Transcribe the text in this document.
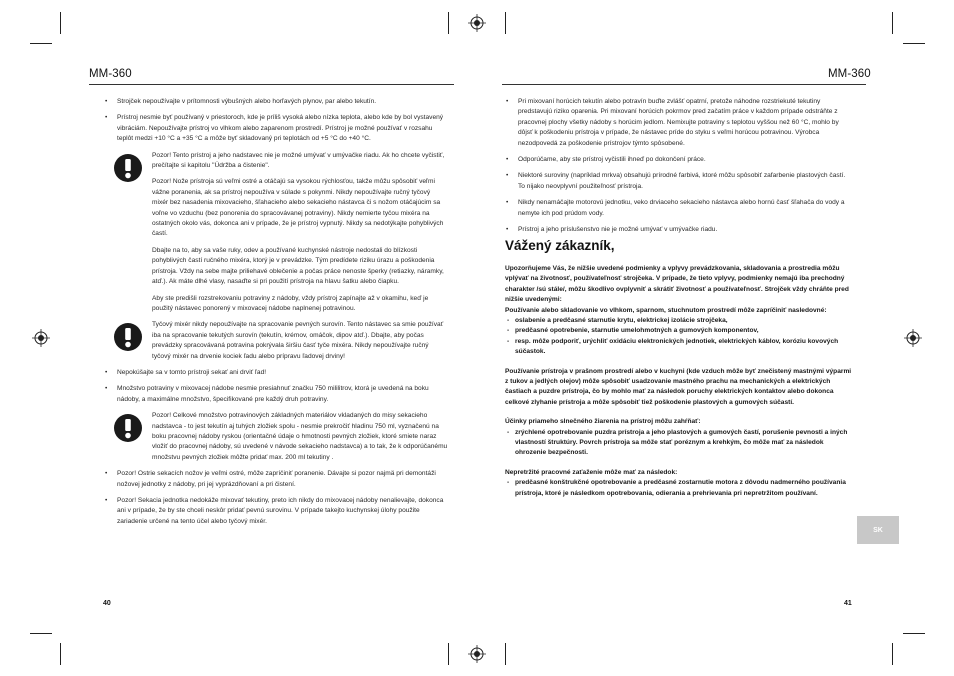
MM-360	MM-360
• Strojček nepoužívajte v prítomnosti výbušných alebo horľavých plynov, par alebo tekutín.

• Prístroj nesmie byť používaný v priestoroch, kde je príliš vysoká alebo nízka teplota, alebo kde by bol vystavený vibráciám. Nepoužívajte prístroj vo vlhkom alebo zaparenom prostredí. Prístroj je možné používať v rozsahu teplôt medzi +10 °C a +35 °C a môže byť skladovaný pri teplotách od +5 °C do +40 °C.

Pozor! Tento prístroj a jeho nadstavec nie je možné umývať v umývačke riadu. Ak ho chcete vyčistiť, prečítajte si kapitolu "Údržba a čistenie".

Pozor! Nože prístroja sú veľmi ostré a otáčajú sa vysokou rýchlosťou, takže môžu spôsobiť veľmi vážne poranenia, ak sa prístroj nepoužíva v súlade s pokynmi. Nikdy nepoužívajte ručný tyčový mixér bez nasadenia mixovacieho, šľahacieho alebo sekacieho nástavca či s nožom otáčajúcim sa voľne vo vzduchu (bez ponorenia do spracovávanej potraviny). Nikdy nemierte tyčou mixéra na ostatných okolo vás, dokonca ani v prípade, že je prístroj vypnutý. Nikdy sa nedotýkajte pohyblivých častí.

Dbajte na to, aby sa vaše ruky, odev a používané kuchynské nástroje nedostali do blízkosti pohyblivých častí ručného mixéra, ktorý je v prevádzke. Tým predídete riziku úrazu a poškodenia prístroja. Vždy na sebe majte priliehavé oblečenie a počas práce nenoste šperky (retiazky, náramky, atď.). Ak máte dlhé vlasy, nasaďte si pri použití prístroja na hlavu šatku alebo čiapku.

Aby ste predišli rozstrekovaniu potraviny z nádoby, vždy prístroj zapínajte až v okamihu, keď je použitý nástavec ponorený v mixovacej nádobe naplnenej potravinou.

Tyčový mixér nikdy nepoužívajte na spracovanie pevných surovín. Tento nástavec sa smie používať iba na spracovanie tekutých surovín (tekutín, krémov, omáčok, dipov atď.). Dbajte, aby počas prevádzky spracovávaná potravina pokrývala širšiu časť tyče mixéra. Nikdy nepoužívajte ručný tyčový mixér na drvenie kociek ľadu alebo prípravu ľadovej drviny!

• Nepokúšajte sa v tomto prístroji sekať ani drviť ľad!

• Množstvo potraviny v mixovacej nádobe nesmie presiahnuť značku 750 mililitrov, ktorá je uvedená na boku nádoby, a maximálne množstvo, špecifikované pre každý druh potraviny.

Pozor! Celkové množstvo potravinových základných materiálov vkladaných do misy sekacieho nadstavca - to jest tekutín aj tuhých zložiek spolu - nesmie prekročiť hladinu 750 ml, vyznačenú na boku pracovnej nádoby ryskou (orientačné údaje o hmotnosti pevných zložiek, ktoré smiete naraz vložiť do pracovnej nádoby, sú uvedené v návode sekacieho nadstavca) a to tak, že k odporúčanému množstvu pevných zložiek môžte pridať max. 200 ml tekutiny .

• Pozor! Ostrie sekacích nožov je veľmi ostré, môže zapríčiniť poranenie. Dávajte si pozor najmä pri demontáži nožovej jednotky z nádoby, pri jej vyprázdňovaní a pri čistení.

• Pozor! Sekacia jednotka nedokáže mixovať tekutiny, preto ich nikdy do mixovacej nádoby nenalievajte, dokonca ani v prípade, že by ste chceli neskôr pridať pevnú surovinu. V prípade takejto kuchynskej úlohy použite zariadenie určené na tento účel alebo tyčový mixér.

• Pri mixovaní horúcich tekutín alebo potravín buďte zvlášť opatrní, pretože náhodne rozstriekuté tekutiny predstavujú riziko oparenia. Pri mixovaní horúcich pokrmov pred začatím práce v každom prípade odstráňte z pracovnej plochy všetky nádoby s horúcim jedlom. Nemixujte potraviny s teplotou vyššou než 60 °C, mohlo by dôjsť k poškodeniu prístroja v prípade, že nástavec príde do styku s veľmi horúcou potravinou. Výrobca nezodpovedá za poškodenie prístrojov týmto spôsobené.

• Odporúčame, aby ste prístroj vyčistili ihneď po dokončení práce.

• Niektoré suroviny (napríklad mrkva) obsahujú prírodné farbivá, ktoré môžu spôsobiť zafarbenie plastových častí. To nijako neovplyvní použiteľnosť prístroja.

• Nikdy nenamáčajte motorovú jednotku, veko drviaceho sekacieho nástavca alebo hornú časť šľahača do vody a nemyte ich pod prúdom vody.

• Prístroj a jeho príslušenstvo nie je možné umývať v umývačke riadu.

Vážený zákazník,

Upozorňujeme Vás, že nižšie uvedené podmienky a vplyvy prevádzkovania, skladovania a prostredia môžu vplývať na životnosť, používateľnosť strojčeka. V prípade, že tieto vplyvy, podmienky nemajú iba prechodný charakter /sú stále/, môžu škodlivo ovplyvniť a skrátiť životnosť a používateľnosť. Strojček vždy chráňte pred nižšie uvedenými:

Používanie alebo skladovanie vo vlhkom, sparnom, stuchnutom prostredí môže zapríčiniť nasledovné:

- oslabenie a predčasné starnutie krytu, elektrickej izolácie strojčeka,

- predčasné opotrebenie, starnutie umelohmotných a gumových komponentov,

- resp. môže podporiť, urýchliť oxidáciu elektronických jednotiek, elektrických káblov, koróziu kovových súčastok.

Používanie prístroja v prašnom prostredí alebo v kuchyni (kde vzduch môže byť znečistený mastnými výparmi z tukov a jedlých olejov) môže spôsobiť usadzovanie mastného prachu na mechanických a elektrických častiach a puzdre prístroja, čo by mohlo mať za následok poruchy elektrických kontaktov alebo dokonca celkové zlyhanie prístroja a môže spôsobiť tiež poškodenie plastových a gumových súčastí.

Účinky priameho slnečného žiarenia na prístroj môžu zahŕňať:

- zrýchlené opotrebovanie puzdra prístroja a jeho plastových a gumových častí, porušenie pevnosti a iných vlastností štruktúry. Povrch prístroja sa môže stať poréznym a krehkým, čo môže mať za následok ohrozenie bezpečnosti.

Nepretržité pracovné zaťaženie môže mať za následok:

- predčasné konštrukčné opotrebovanie a predčasné zostarnutie motora z dôvodu nadmerného používania prístroja, ktoré je následkom opotrebovania, odierania a prehrievania pri nepretržitom používaní.

40	41
SK
